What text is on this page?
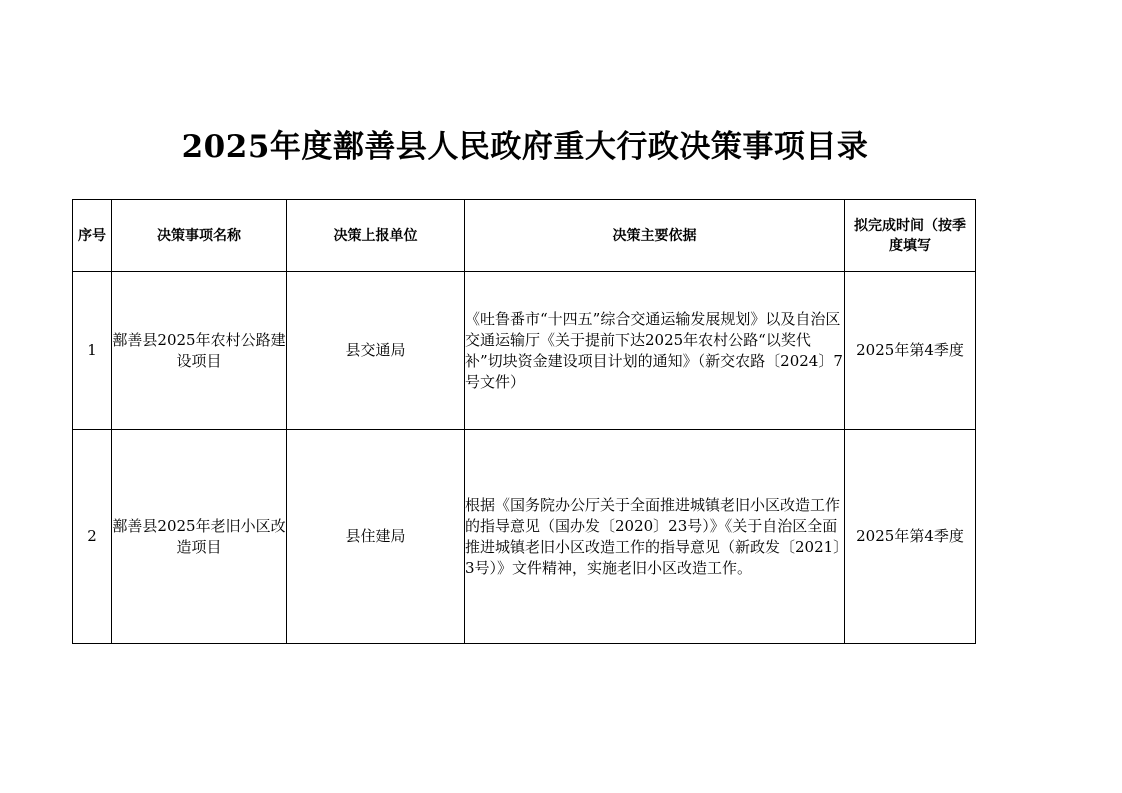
2025年度鄯善县人民政府重大行政决策事项目录
序号	决策事项名称	决策上报单位	决策主要依据	拟完成时间（按季度填写
1	鄯善县2025年农村公路建设项目	县交通局	《吐鲁番市“十四五”综合交通运输发展规划》以及自治区交通运输厅《关于提前下达2025年农村公路“以奖代补”切块资金建设项目计划的通知》（新交农路〔2024〕7号文件）	2025年第4季度
2	鄯善县2025年老旧小区改造项目	县住建局	根据《国务院办公厅关于全面推进城镇老旧小区改造工作的指导意见（国办发〔2020〕23号）》《关于自治区全面推进城镇老旧小区改造工作的指导意见（新政发〔2021〕3号）》文件精神，实施老旧小区改造工作。	2025年第4季度
